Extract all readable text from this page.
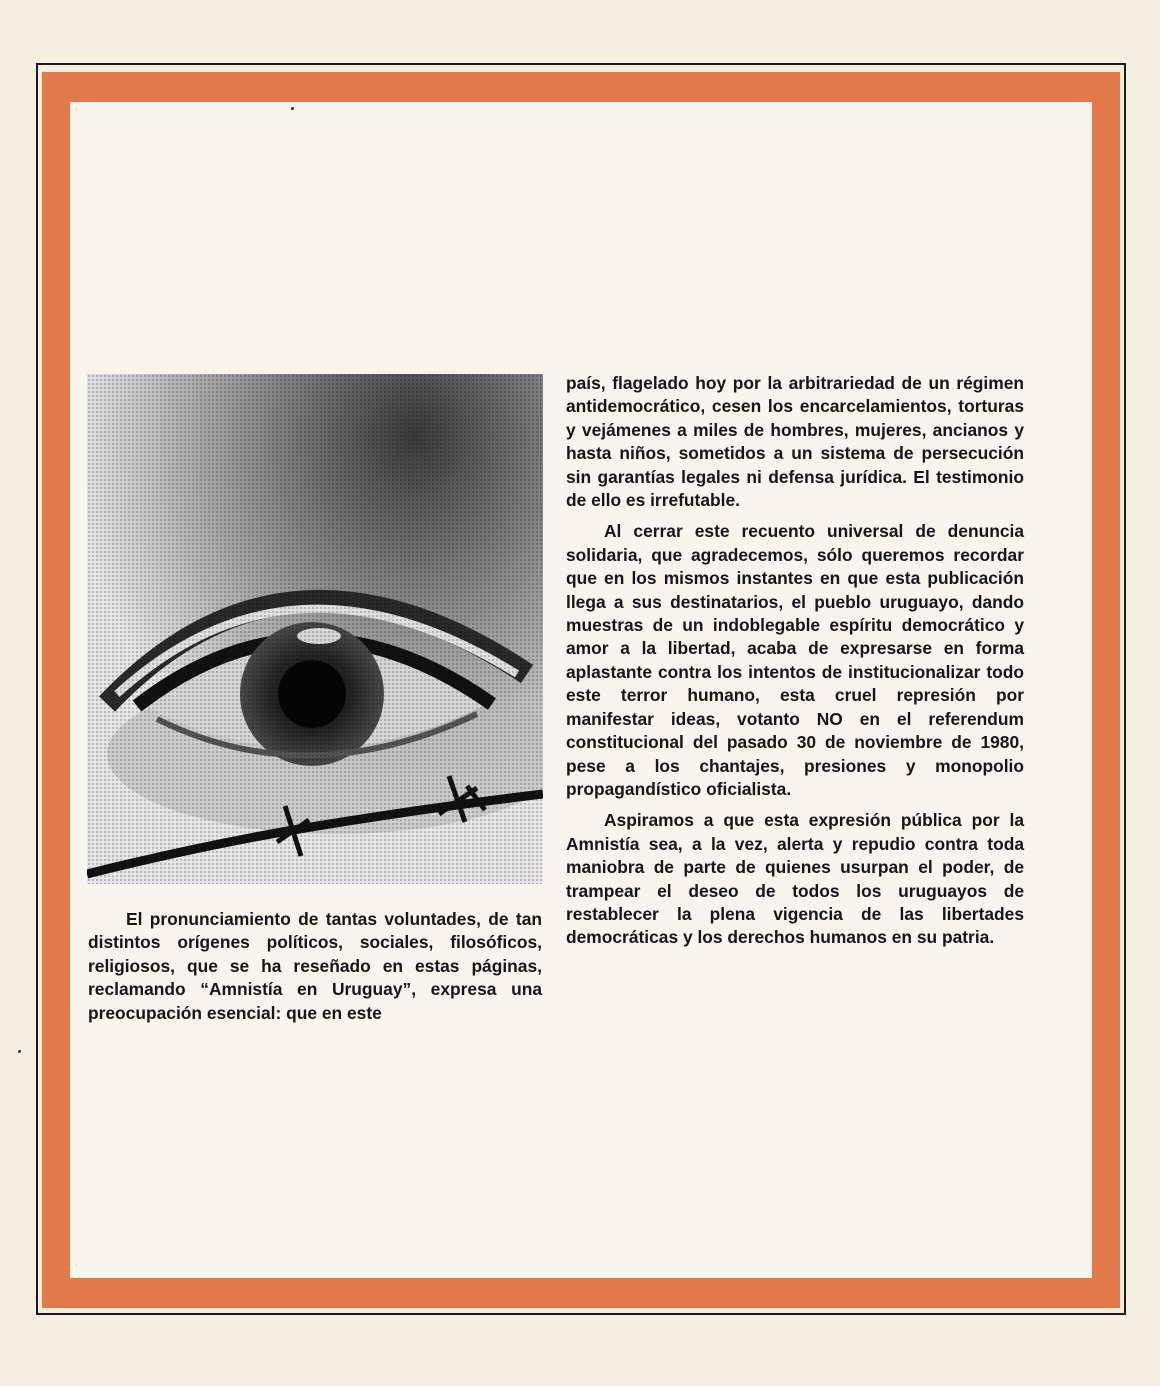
El pronunciamiento de tantas voluntades, de tan distintos orígenes políticos, sociales, filosóficos, religiosos, que se ha reseñado en estas páginas, reclamando “Amnistía en Uruguay”, expresa una preocupación esencial: que en este

país, flagelado hoy por la arbitrariedad de un régimen antidemocrático, cesen los encarcelamientos, torturas y vejámenes a miles de hombres, mujeres, ancianos y hasta niños, sometidos a un sistema de persecución sin garantías legales ni defensa jurídica. El testimonio de ello es irrefutable.

Al cerrar este recuento universal de denuncia solidaria, que agradecemos, sólo queremos recordar que en los mismos instantes en que esta publicación llega a sus destinatarios, el pueblo uruguayo, dando muestras de un indoblegable espíritu democrático y amor a la libertad, acaba de expresarse en forma aplastante contra los intentos de institucionalizar todo este terror humano, esta cruel represión por manifestar ideas, votanto NO en el referendum constitucional del pasado 30 de noviembre de 1980, pese a los chantajes, presiones y monopolio propagandístico oficialista.

Aspiramos a que esta expresión pública por la Amnistía sea, a la vez, alerta y repudio contra toda maniobra de parte de quienes usurpan el poder, de trampear el deseo de todos los uruguayos de restablecer la plena vigencia de las libertades democráticas y los derechos humanos en su patria.
